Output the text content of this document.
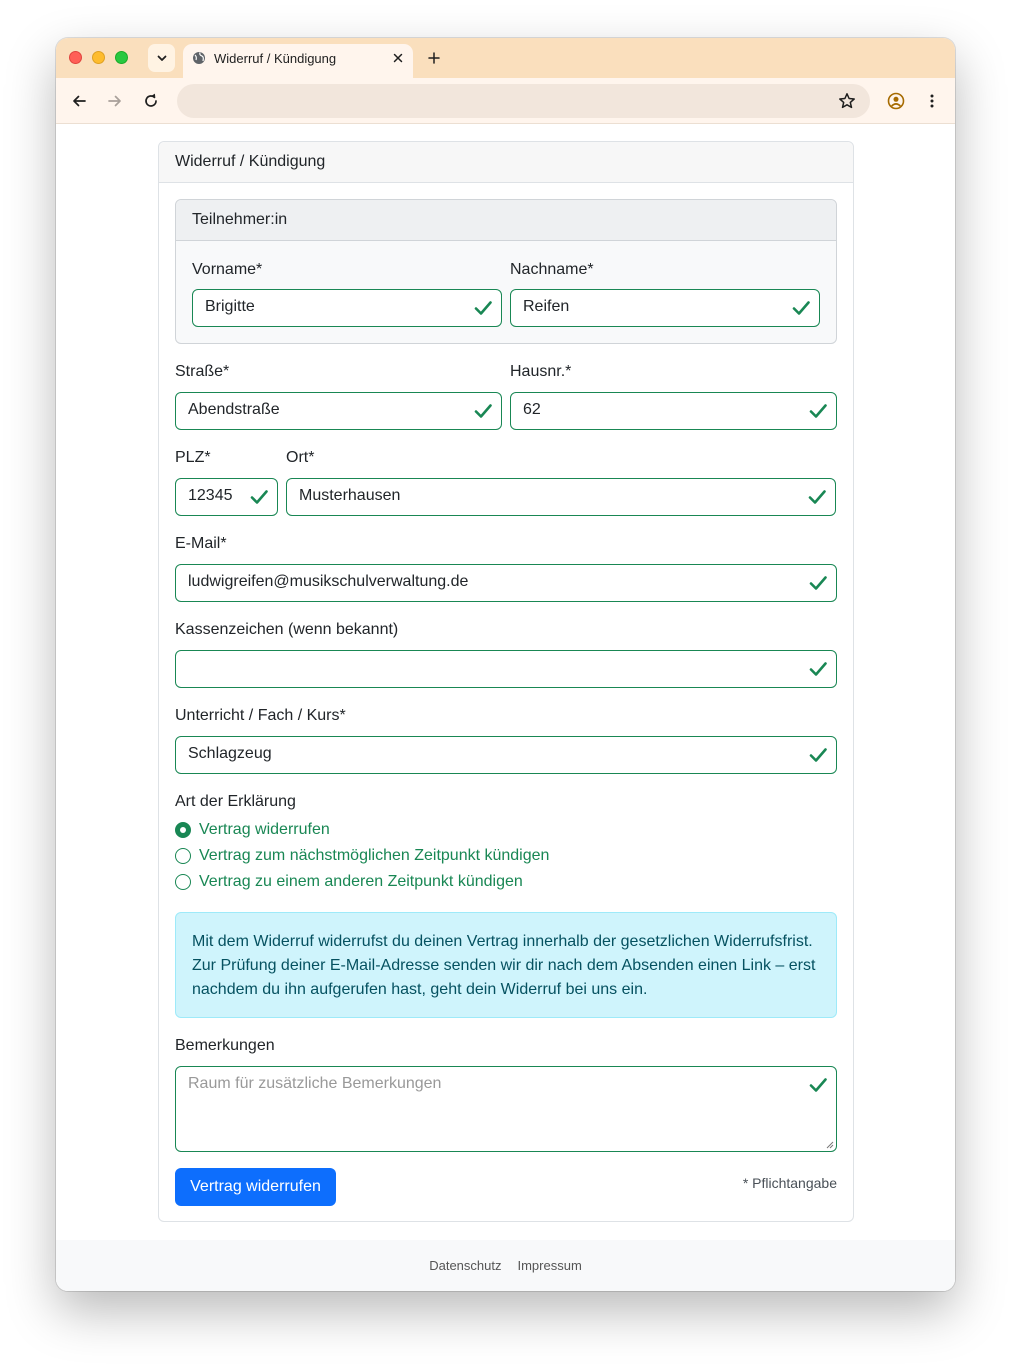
Widerruf / Kündigung
Widerruf / Kündigung
Teilnehmer:in
Vorname*
Brigitte
Nachname*
Reifen
Straße*
Abendstraße
Hausnr.*
62
PLZ*
12345
Ort*
Musterhausen
E-Mail*
ludwigreifen@musikschulverwaltung.de
Kassenzeichen (wenn bekannt)
Unterricht / Fach / Kurs*
Schlagzeug
Art der Erklärung
Vertrag widerrufen
Vertrag zum nächstmöglichen Zeitpunkt kündigen
Vertrag zu einem anderen Zeitpunkt kündigen
Mit dem Widerruf widerrufst du deinen Vertrag innerhalb der gesetzlichen Widerrufsfrist. Zur Prüfung deiner E-Mail-Adresse senden wir dir nach dem Absenden einen Link – erst nachdem du ihn aufgerufen hast, geht dein Widerruf bei uns ein.
Bemerkungen
Raum für zusätzliche Bemerkungen
Vertrag widerrufen	* Pflichtangabe
Datenschutz Impressum
